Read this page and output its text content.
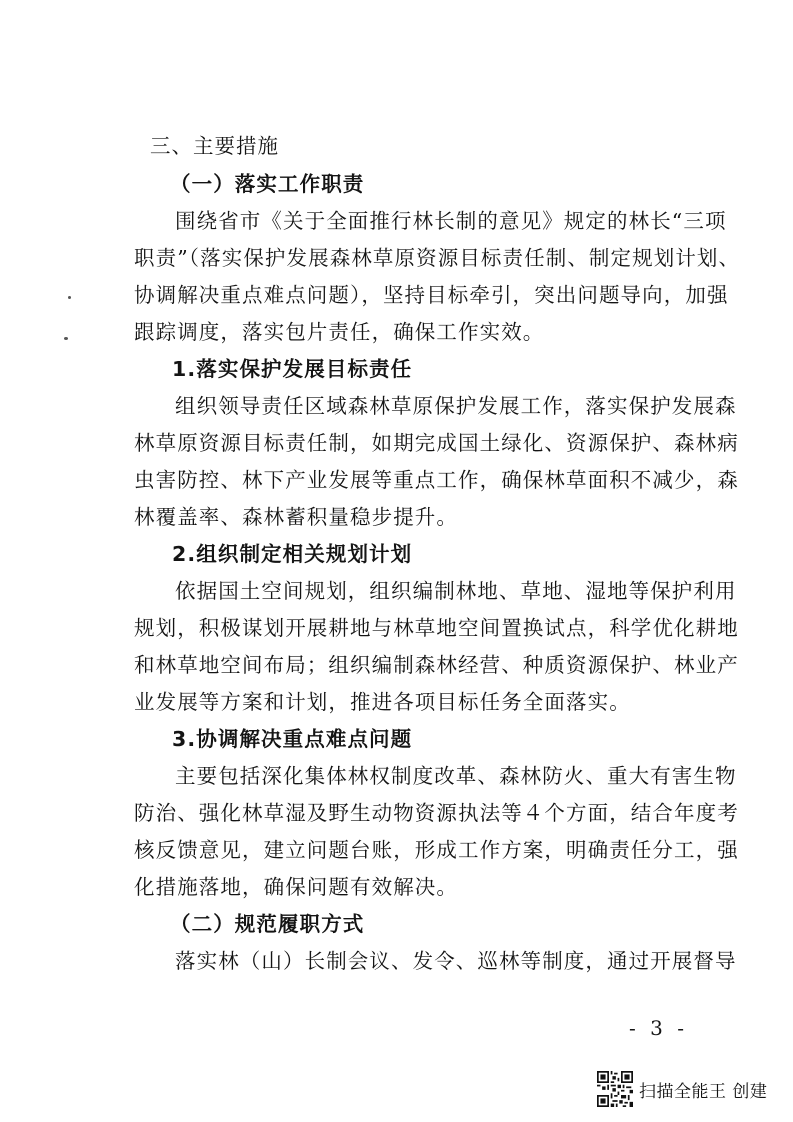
三、主要措施
（一）落实工作职责
围绕省市《关于全面推行林长制的意见》规定的林长“三项
职责”（落实保护发展森林草原资源目标责任制、制定规划计划、
协调解决重点难点问题），坚持目标牵引，突出问题导向，加强
跟踪调度，落实包片责任，确保工作实效。
1.落实保护发展目标责任
组织领导责任区域森林草原保护发展工作，落实保护发展森
林草原资源目标责任制，如期完成国土绿化、资源保护、森林病
虫害防控、林下产业发展等重点工作，确保林草面积不减少，森
林覆盖率、森林蓄积量稳步提升。
2.组织制定相关规划计划
依据国土空间规划，组织编制林地、草地、湿地等保护利用
规划，积极谋划开展耕地与林草地空间置换试点，科学优化耕地
和林草地空间布局；组织编制森林经营、种质资源保护、林业产
业发展等方案和计划，推进各项目标任务全面落实。
3.协调解决重点难点问题
主要包括深化集体林权制度改革、森林防火、重大有害生物
防治、强化林草湿及野生动物资源执法等４个方面，结合年度考
核反馈意见，建立问题台账，形成工作方案，明确责任分工，强
化措施落地，确保问题有效解决。
（二）规范履职方式
落实林（山）长制会议、发令、巡林等制度，通过开展督导
- 3 -
扫描全能王 创建
